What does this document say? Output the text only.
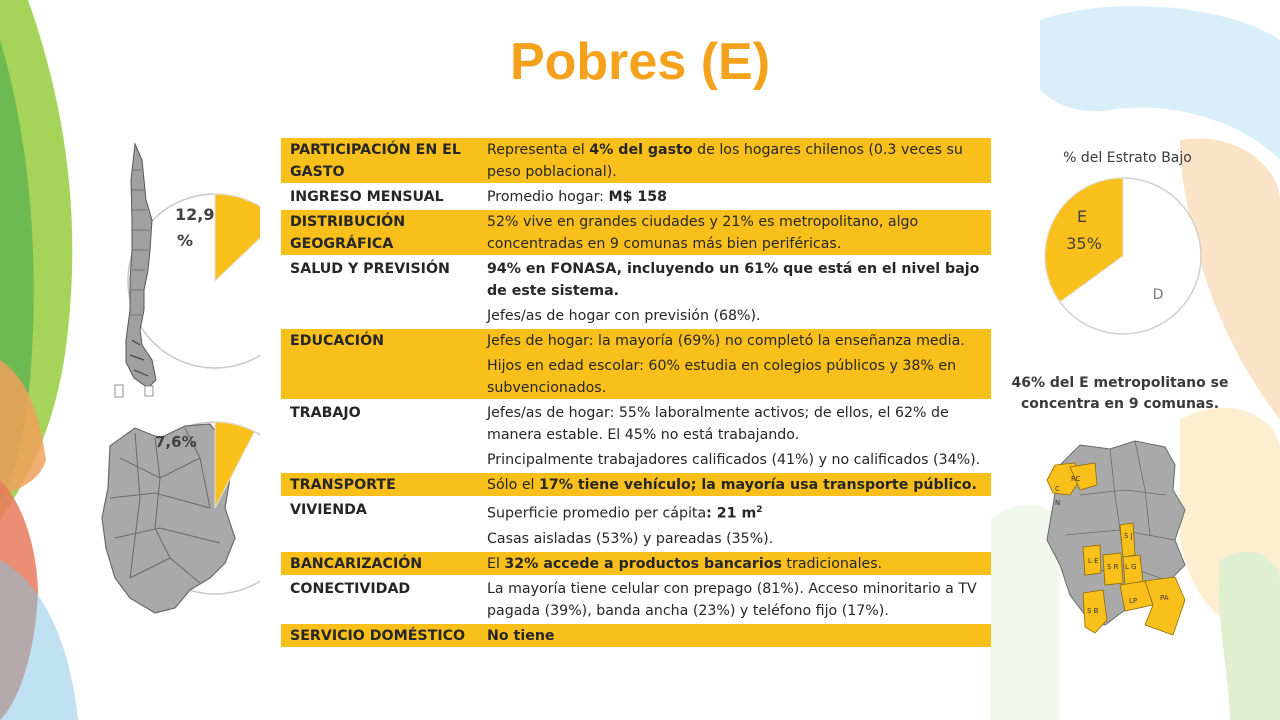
Pobres (E)
12,9
%
7,6%
PARTICIPACIÓN EN EL GASTO	Representa el 4% del gasto de los hogares chilenos (0.3 veces su peso poblacional).

INGRESO MENSUAL	Promedio hogar: M$ 158

DISTRIBUCIÓN GEOGRÁFICA	52% vive en grandes ciudades y 21% es metropolitano, algo concentradas en 9 comunas más bien periféricas.

SALUD Y PREVISIÓN	94% en FONASA, incluyendo un 61% que está en el nivel bajo de este sistema.
Jefes/as de hogar con previsión (68%).

EDUCACIÓN	Jefes de hogar: la mayoría (69%) no completó la enseñanza media.
Hijos en edad escolar: 60% estudia en colegios públicos y 38% en subvencionados.

TRABAJO	Jefes/as de hogar: 55% laboralmente activos; de ellos, el 62% de manera estable. El 45% no está trabajando.
Principalmente trabajadores calificados (41%) y no calificados (34%).

TRANSPORTE	Sólo el 17% tiene vehículo; la mayoría usa transporte público.

VIVIENDA	Superficie promedio per cápita: 21 $m^2$
Casas aisladas (53%) y pareadas (35%).

BANCARIZACIÓN	El 32% accede a productos bancarios tradicionales.

CONECTIVIDAD	La mayoría tiene celular con prepago (81%). Acceso minoritario a TV pagada (39%), banda ancha (23%) y teléfono fijo (17%).

SERVICIO DOMÉSTICO	No tiene
% del Estrato Bajo
E
35%
D
46% del E metropolitano se concentra en 9 comunas.
RC
C
N
S J
L E
S R L G
LP	PA
S B
